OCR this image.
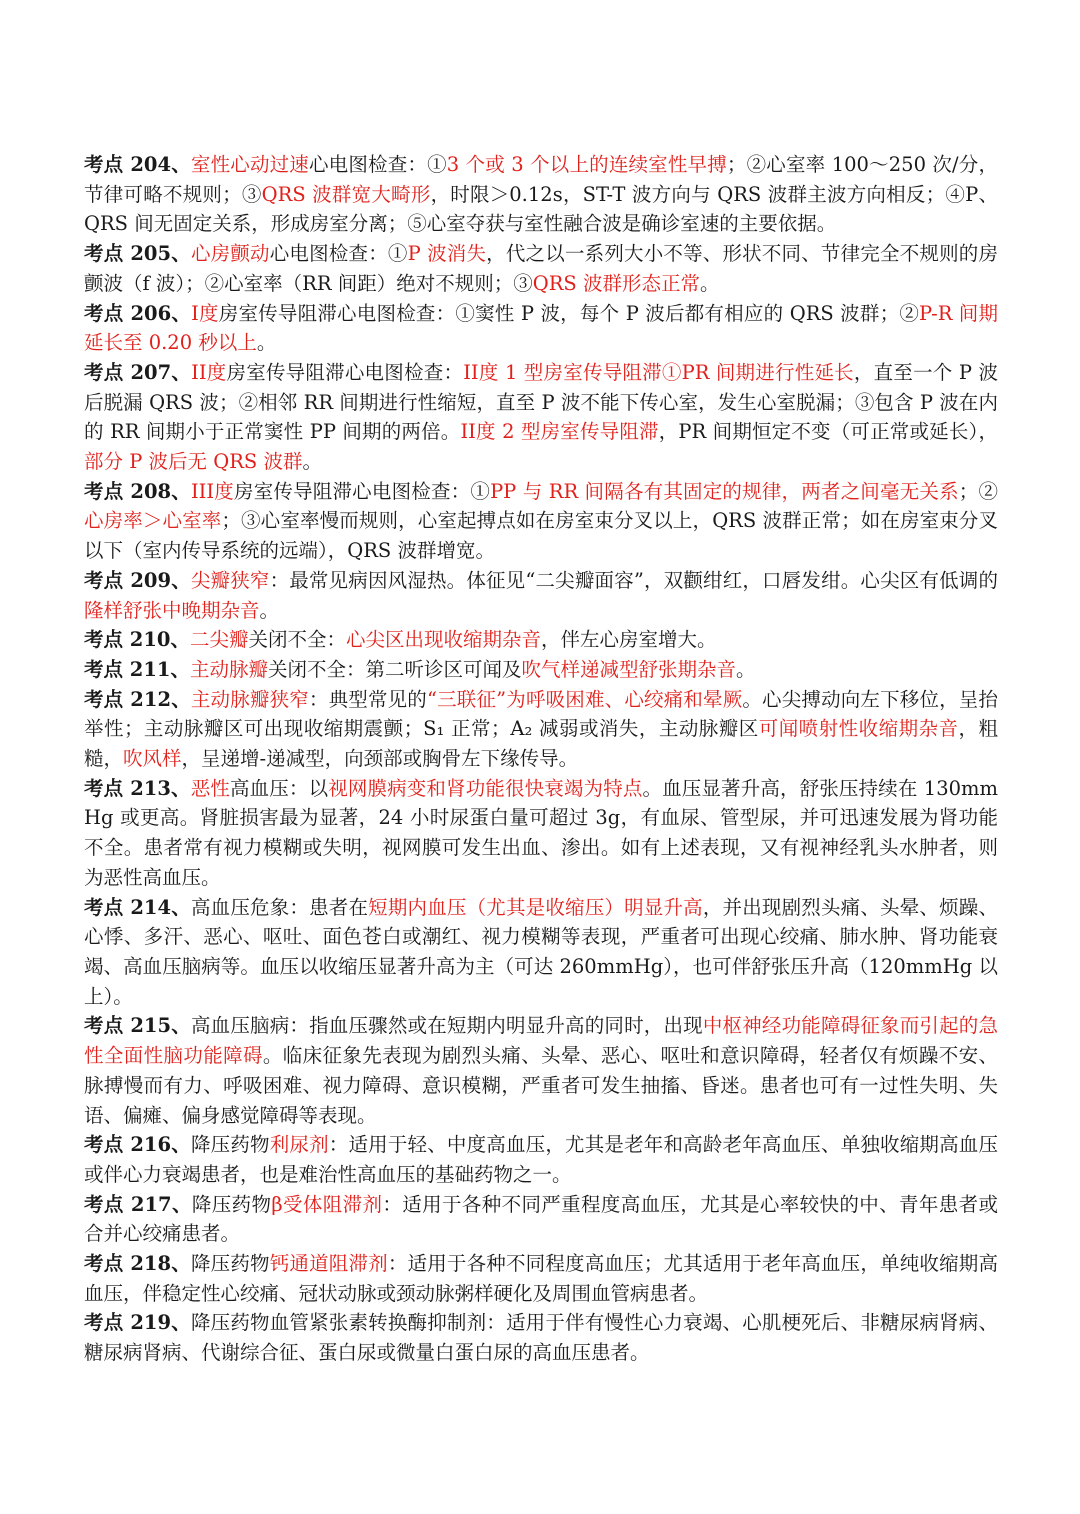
考点 204、室性心动过速心电图检查：①3 个或 3 个以上的连续室性早搏；②心室率 100～250 次/分，节律可略不规则；③QRS 波群宽大畸形，时限＞0.12s，ST-T 波方向与 QRS 波群主波方向相反；④P、QRS 间无固定关系，形成房室分离；⑤心室夺获与室性融合波是确诊室速的主要依据。

考点 205、心房颤动心电图检查：①P 波消失，代之以一系列大小不等、形状不同、节律完全不规则的房颤波（f 波）；②心室率（RR 间距）绝对不规则；③QRS 波群形态正常。

考点 206、I度房室传导阻滞心电图检查：①窦性 P 波，每个 P 波后都有相应的 QRS 波群；②P-R 间期延长至 0.20 秒以上。

考点 207、II度房室传导阻滞心电图检查：II度 1 型房室传导阻滞①PR 间期进行性延长，直至一个 P 波后脱漏 QRS 波；②相邻 RR 间期进行性缩短，直至 P 波不能下传心室，发生心室脱漏；③包含 P 波在内的 RR 间期小于正常窦性 PP 间期的两倍。II度 2 型房室传导阻滞，PR 间期恒定不变（可正常或延长），部分 P 波后无 QRS 波群。

考点 208、III度房室传导阻滞心电图检查：①PP 与 RR 间隔各有其固定的规律，两者之间毫无关系；②心房率＞心室率；③心室率慢而规则，心室起搏点如在房室束分叉以上，QRS 波群正常；如在房室束分叉以下（室内传导系统的远端），QRS 波群增宽。

考点 209、尖瓣狭窄：最常见病因风湿热。体征见“二尖瓣面容”，双颧绀红，口唇发绀。心尖区有低调的隆样舒张中晚期杂音。

考点 210、二尖瓣关闭不全：心尖区出现收缩期杂音，伴左心房室增大。

考点 211、主动脉瓣关闭不全：第二听诊区可闻及吹气样递减型舒张期杂音。

考点 212、主动脉瓣狭窄：典型常见的“三联征”为呼吸困难、心绞痛和晕厥。心尖搏动向左下移位，呈抬举性；主动脉瓣区可出现收缩期震颤；S₁ 正常；A₂ 减弱或消失，主动脉瓣区可闻喷射性收缩期杂音，粗糙，吹风样，呈递增-递减型，向颈部或胸骨左下缘传导。

考点 213、恶性高血压：以视网膜病变和肾功能很快衰竭为特点。血压显著升高，舒张压持续在 130mmHg 或更高。肾脏损害最为显著，24 小时尿蛋白量可超过 3g，有血尿、管型尿，并可迅速发展为肾功能不全。患者常有视力模糊或失明，视网膜可发生出血、渗出。如有上述表现，又有视神经乳头水肿者，则为恶性高血压。

考点 214、高血压危象：患者在短期内血压（尤其是收缩压）明显升高，并出现剧烈头痛、头晕、烦躁、心悸、多汗、恶心、呕吐、面色苍白或潮红、视力模糊等表现，严重者可出现心绞痛、肺水肿、肾功能衰竭、高血压脑病等。血压以收缩压显著升高为主（可达 260mmHg），也可伴舒张压升高（120mmHg 以上）。

考点 215、高血压脑病：指血压骤然或在短期内明显升高的同时，出现中枢神经功能障碍征象而引起的急性全面性脑功能障碍。临床征象先表现为剧烈头痛、头晕、恶心、呕吐和意识障碍，轻者仅有烦躁不安、脉搏慢而有力、呼吸困难、视力障碍、意识模糊，严重者可发生抽搐、昏迷。患者也可有一过性失明、失语、偏瘫、偏身感觉障碍等表现。

考点 216、降压药物利尿剂：适用于轻、中度高血压，尤其是老年和高龄老年高血压、单独收缩期高血压或伴心力衰竭患者，也是难治性高血压的基础药物之一。

考点 217、降压药物β受体阻滞剂：适用于各种不同严重程度高血压，尤其是心率较快的中、青年患者或合并心绞痛患者。

考点 218、降压药物钙通道阻滞剂：适用于各种不同程度高血压；尤其适用于老年高血压，单纯收缩期高血压，伴稳定性心绞痛、冠状动脉或颈动脉粥样硬化及周围血管病患者。

考点 219、降压药物血管紧张素转换酶抑制剂：适用于伴有慢性心力衰竭、心肌梗死后、非糖尿病肾病、糖尿病肾病、代谢综合征、蛋白尿或微量白蛋白尿的高血压患者。
